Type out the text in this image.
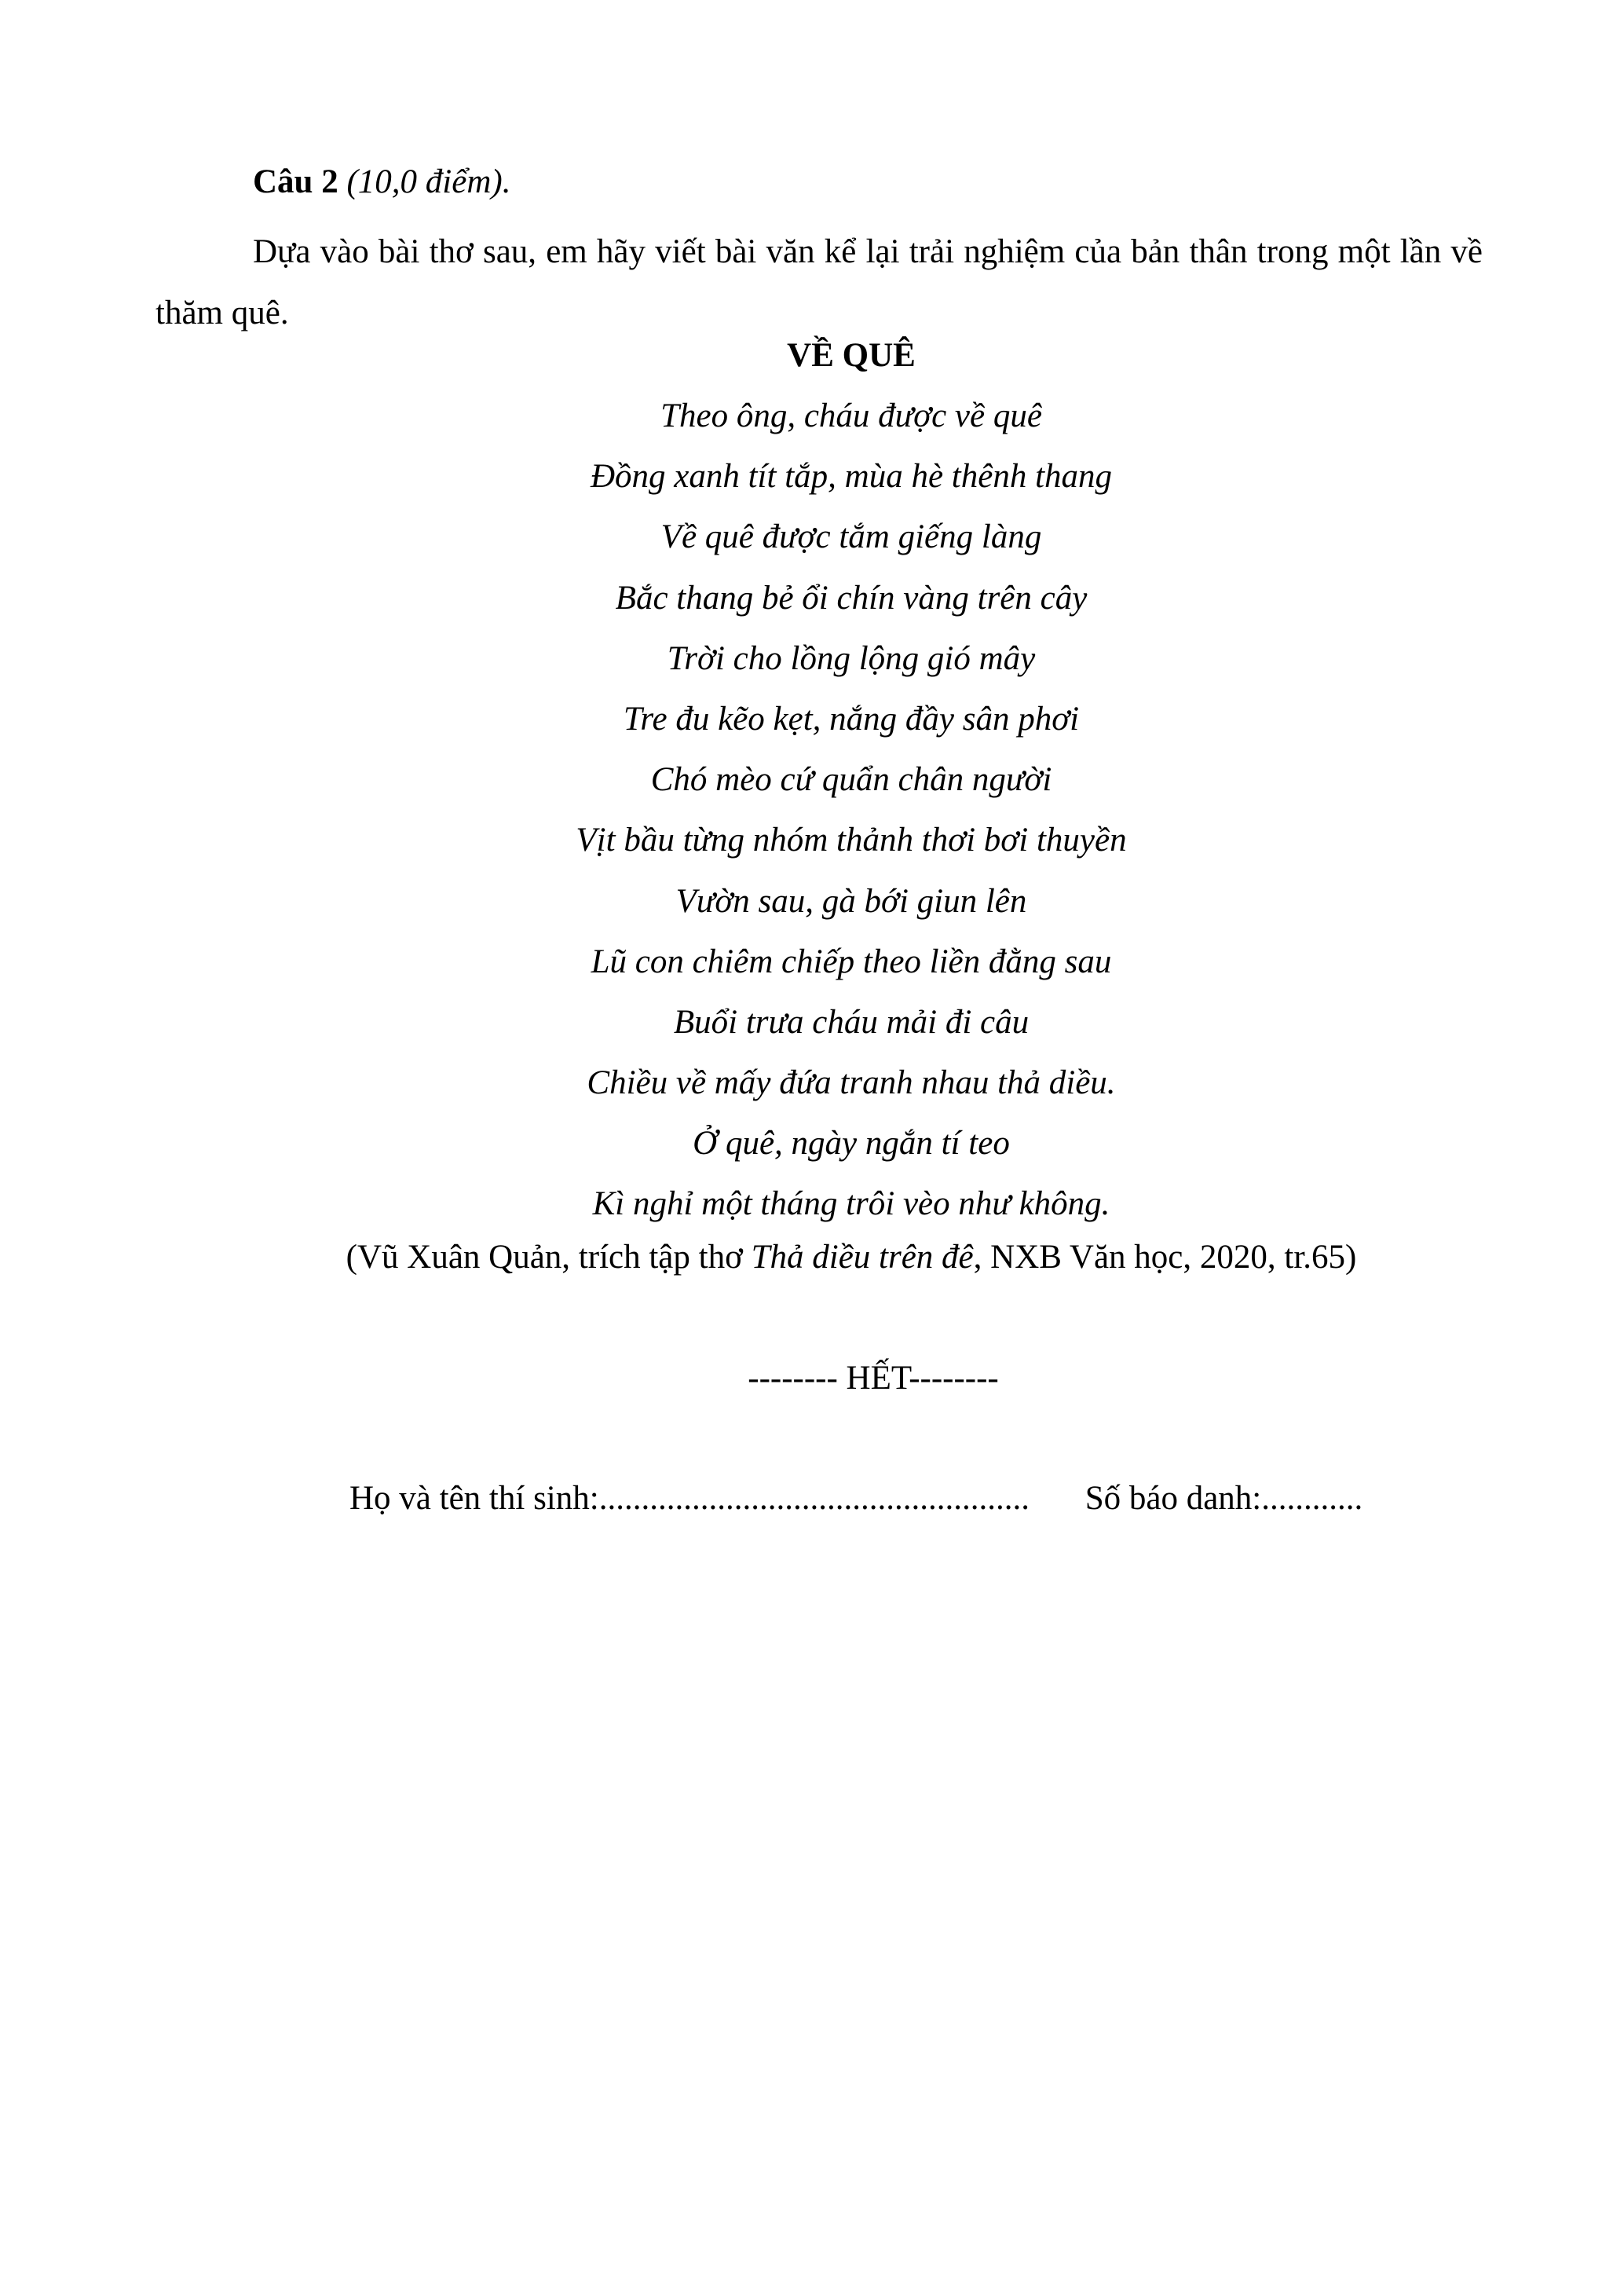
Câu 2 (10,0 điểm).

Dựa vào bài thơ sau, em hãy viết bài văn kể lại trải nghiệm của bản thân trong một lần về thăm quê.

VỀ QUÊ

Theo ông, cháu được về quê
Đồng xanh tít tắp, mùa hè thênh thang
Về quê được tắm giếng làng
Bắc thang bẻ ổi chín vàng trên cây
Trời cho lồng lộng gió mây
Tre đu kẽo kẹt, nắng đầy sân phơi
Chó mèo cứ quẩn chân người
Vịt bầu từng nhóm thảnh thơi bơi thuyền
Vườn sau, gà bới giun lên
Lũ con chiêm chiếp theo liền đằng sau
Buổi trưa cháu mải đi câu
Chiều về mấy đứa tranh nhau thả diều.
Ở quê, ngày ngắn tí teo
Kì nghỉ một tháng trôi vèo như không.

(Vũ Xuân Quản, trích tập thơ Thả diều trên đê, NXB Văn học, 2020, tr.65)

-------- HẾT--------

Họ và tên thí sinh:................................................... Số báo danh:............
